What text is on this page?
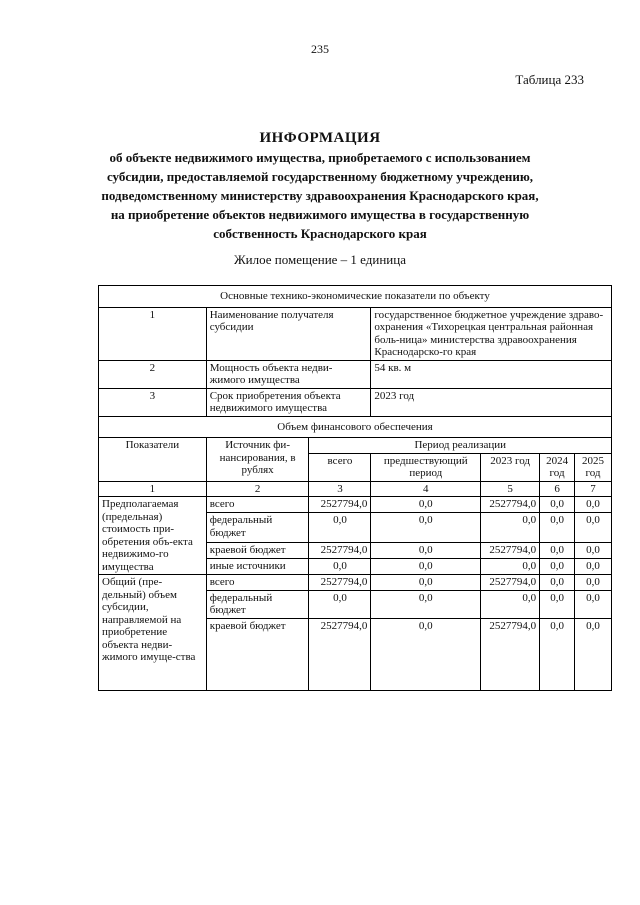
235
Таблица 233
ИНФОРМАЦИЯ
об объекте недвижимого имущества, приобретаемого с использованием
субсидии, предоставляемой государственному бюджетному учреждению,
подведомственному министерству здравоохранения Краснодарского края,
на приобретение объектов недвижимого имущества в государственную
собственность Краснодарского края
Жилое помещение – 1 единица
Основные технико-экономические показатели по объекту						
1	Наименование получателя субсидии		государственное бюджетное учреждение здраво-охранения «Тихорецкая центральная районная боль-ница» министерства здравоохранения Краснодарско-го края			
2	Мощность объекта недви-жимого имущества		54 кв. м			
3	Срок приобретения объекта недвижимого имущества		2023 год			
Объем финансового обеспечения						
Показатели	Источник фи-нансирования, в рублях	Период реализации				
		всего	предшествующий период	2023 год	2024 год	2025 год
1	2	3	4	5	6	7
Предполагаемая (предельная) стоимость при-обретения объ-екта недвижимо-го имущества	всего	2527794,0	0,0	2527794,0	0,0	0,0
	федеральный бюджет	0,0	0,0	0,0	0,0	0,0
	краевой бюджет	2527794,0	0,0	2527794,0	0,0	0,0
	иные источники	0,0	0,0	0,0	0,0	0,0
Общий (пре-дельный) объем субсидии, направляемой на приобретение объекта недви-жимого имуще-ства	всего	2527794,0	0,0	2527794,0	0,0	0,0
	федеральный бюджет	0,0	0,0	0,0	0,0	0,0
	краевой бюджет	2527794,0	0,0	2527794,0	0,0	0,0
